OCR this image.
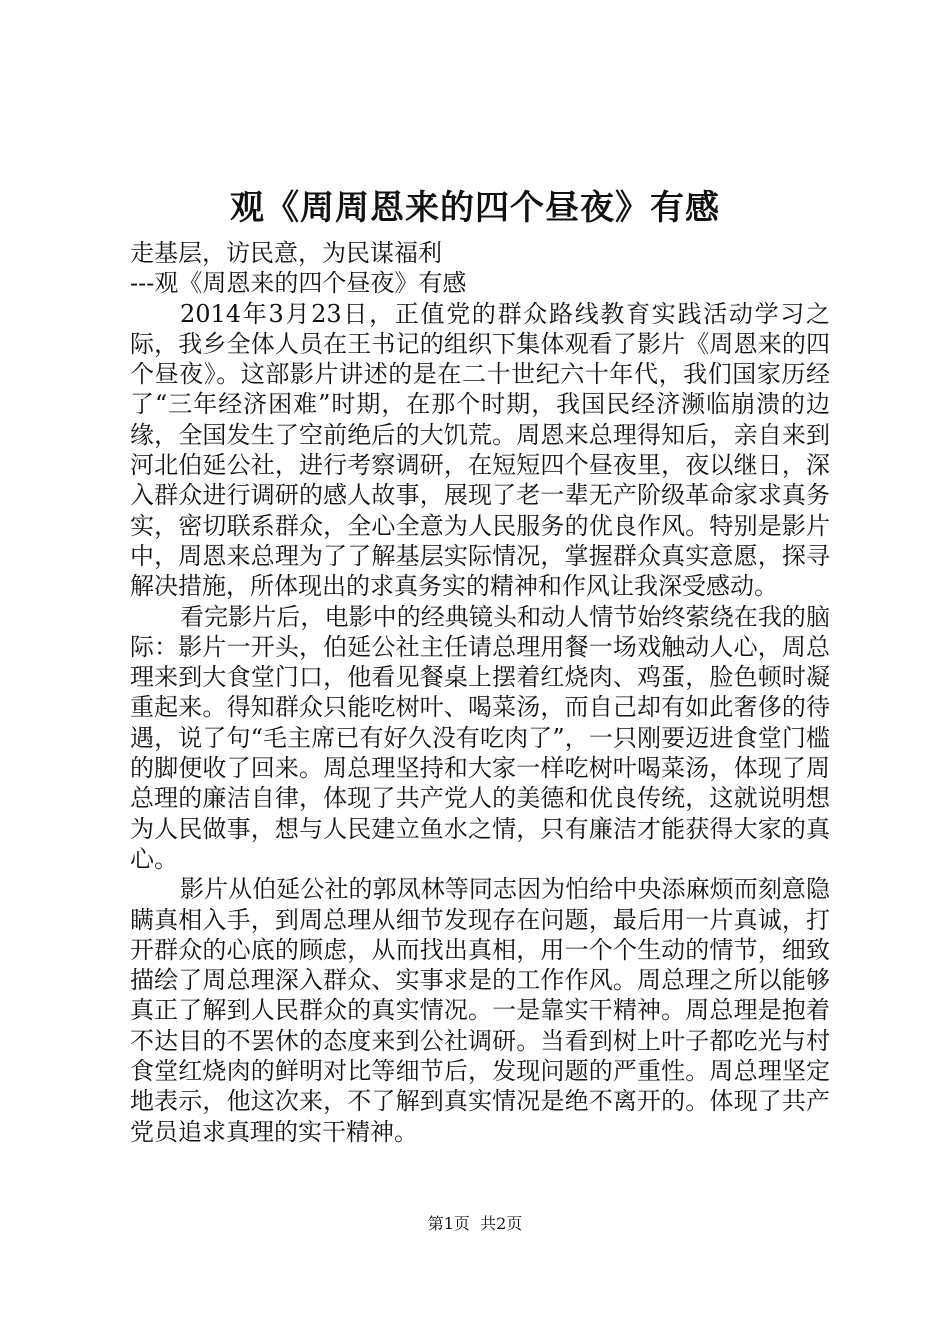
观《周周恩来的四个昼夜》有感

走基层，访民意，为民谋福利

---观《周恩来的四个昼夜》有感

2014年3月23日，正值党的群众路线教育实践活动学习之际，我乡全体人员在王书记的组织下集体观看了影片《周恩来的四个昼夜》。这部影片讲述的是在二十世纪六十年代，我们国家历经了“三年经济困难”时期，在那个时期，我国民经济濒临崩溃的边缘，全国发生了空前绝后的大饥荒。周恩来总理得知后，亲自来到河北伯延公社，进行考察调研，在短短四个昼夜里，夜以继日，深入群众进行调研的感人故事，展现了老一辈无产阶级革命家求真务实，密切联系群众，全心全意为人民服务的优良作风。特别是影片中，周恩来总理为了了解基层实际情况，掌握群众真实意愿，探寻解决措施，所体现出的求真务实的精神和作风让我深受感动。

看完影片后，电影中的经典镜头和动人情节始终萦绕在我的脑际：影片一开头，伯延公社主任请总理用餐一场戏触动人心，周总理来到大食堂门口，他看见餐桌上摆着红烧肉、鸡蛋，脸色顿时凝重起来。得知群众只能吃树叶、喝菜汤，而自己却有如此奢侈的待遇，说了句“毛主席已有好久没有吃肉了”，一只刚要迈进食堂门槛的脚便收了回来。周总理坚持和大家一样吃树叶喝菜汤，体现了周总理的廉洁自律，体现了共产党人的美德和优良传统，这就说明想为人民做事，想与人民建立鱼水之情，只有廉洁才能获得大家的真心。

影片从伯延公社的郭凤林等同志因为怕给中央添麻烦而刻意隐瞒真相入手，到周总理从细节发现存在问题，最后用一片真诚，打开群众的心底的顾虑，从而找出真相，用一个个生动的情节，细致描绘了周总理深入群众、实事求是的工作作风。周总理之所以能够真正了解到人民群众的真实情况。一是靠实干精神。周总理是抱着不达目的不罢休的态度来到公社调研。当看到树上叶子都吃光与村食堂红烧肉的鲜明对比等细节后，发现问题的严重性。周总理坚定地表示，他这次来，不了解到真实情况是绝不离开的。体现了共产党员追求真理的实干精神。

第1页  共2页
